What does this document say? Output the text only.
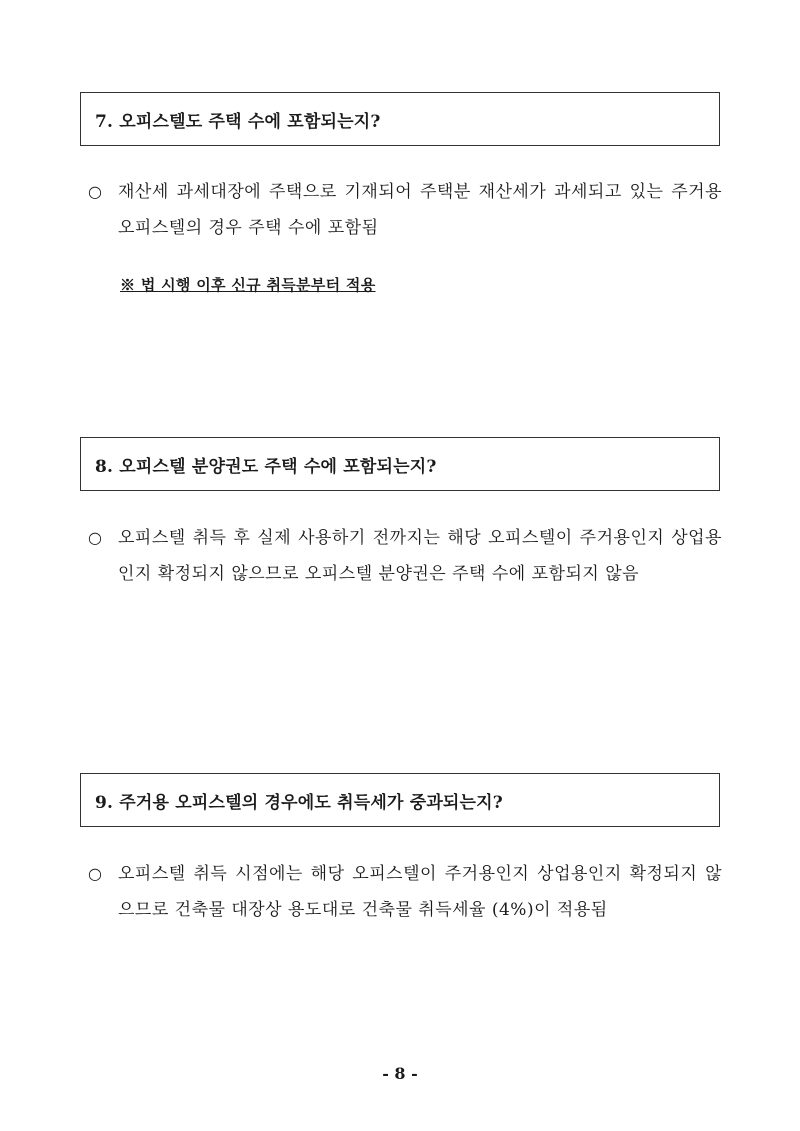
7. 오피스텔도 주택 수에 포함되는지?
○ 재산세 과세대장에 주택으로 기재되어 주택분 재산세가 과세되고 있는 주거용 오피스텔의 경우 주택 수에 포함됨
※ 법 시행 이후 신규 취득분부터 적용
8. 오피스텔 분양권도 주택 수에 포함되는지?
○ 오피스텔 취득 후 실제 사용하기 전까지는 해당 오피스텔이 주거용인지 상업용인지 확정되지 않으므로 오피스텔 분양권은 주택 수에 포함되지 않음
9. 주거용 오피스텔의 경우에도 취득세가 중과되는지?
○ 오피스텔 취득 시점에는 해당 오피스텔이 주거용인지 상업용인지 확정되지 않으므로 건축물 대장상 용도대로 건축물 취득세율 (4%)이 적용됨
- 8 -
